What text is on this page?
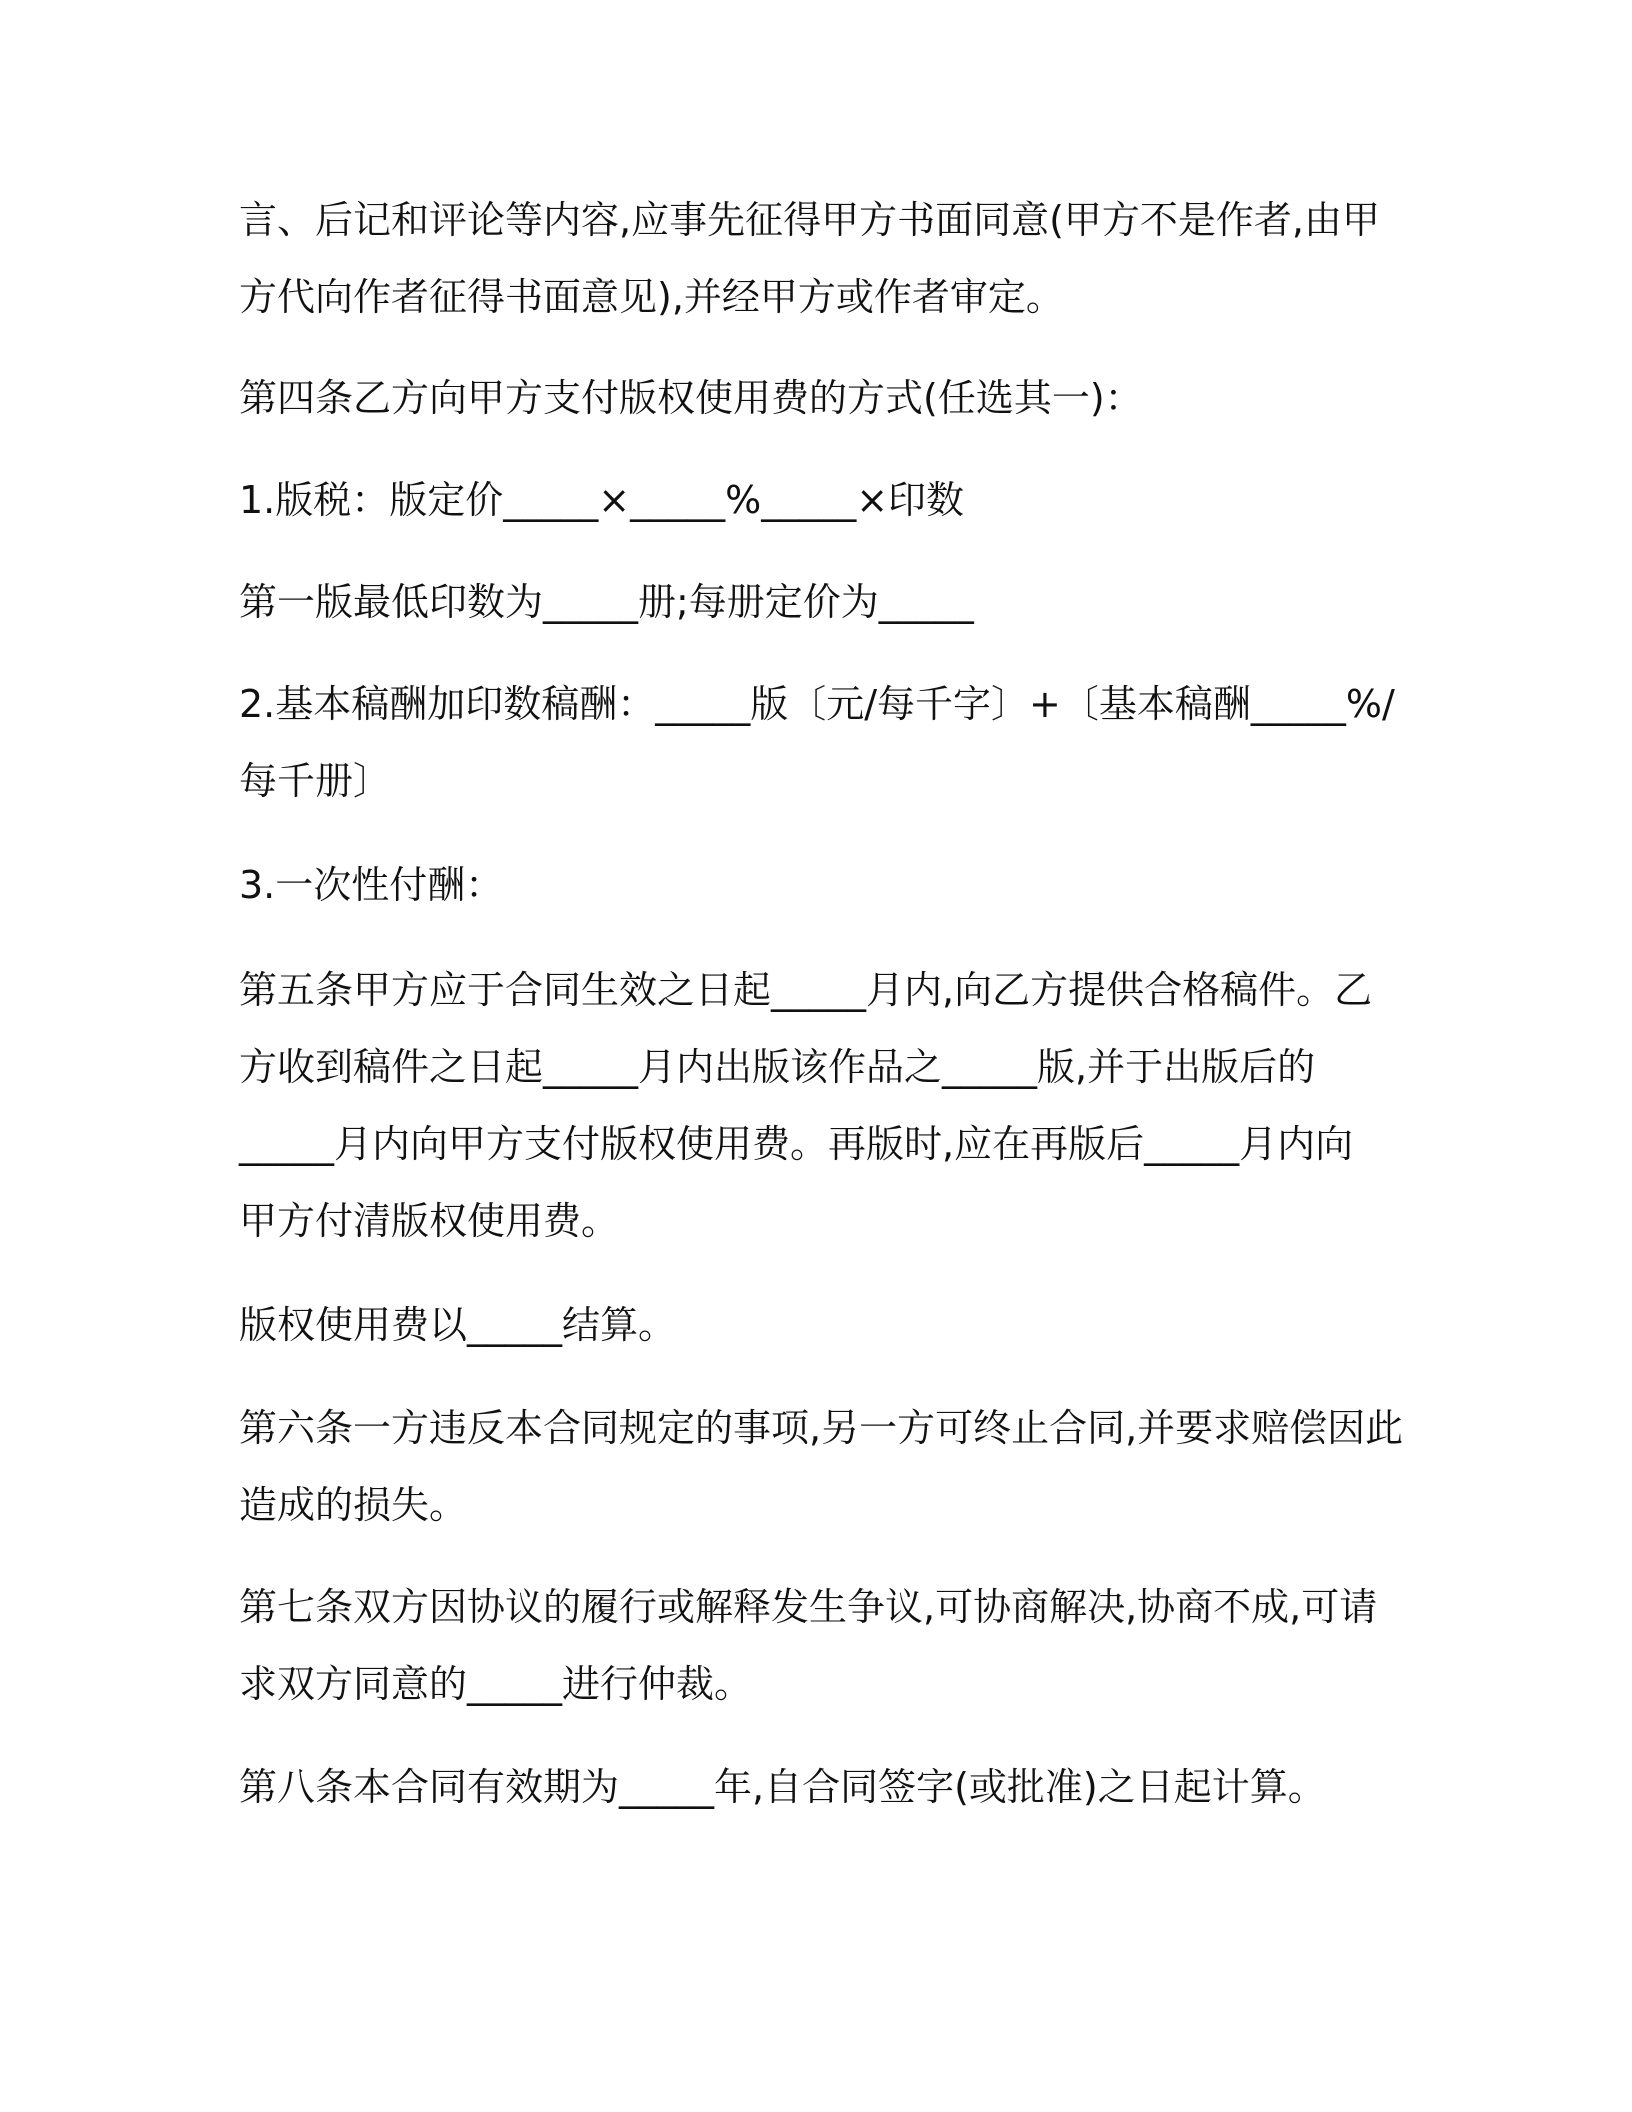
言、后记和评论等内容,应事先征得甲方书面同意(甲方不是作者,由甲
方代向作者征得书面意见),并经甲方或作者审定。
第四条乙方向甲方支付版权使用费的方式(任选其一)：
1.版税：版定价_____×_____%_____×印数
第一版最低印数为_____册;每册定价为_____
2.基本稿酬加印数稿酬：_____版〔元/每千字〕+〔基本稿酬_____%/
每千册〕
3.一次性付酬：
第五条甲方应于合同生效之日起_____月内,向乙方提供合格稿件。乙
方收到稿件之日起_____月内出版该作品之_____版,并于出版后的
_____月内向甲方支付版权使用费。再版时,应在再版后_____月内向
甲方付清版权使用费。
版权使用费以_____结算。
第六条一方违反本合同规定的事项,另一方可终止合同,并要求赔偿因此
造成的损失。
第七条双方因协议的履行或解释发生争议,可协商解决,协商不成,可请
求双方同意的_____进行仲裁。
第八条本合同有效期为_____年,自合同签字(或批准)之日起计算。
